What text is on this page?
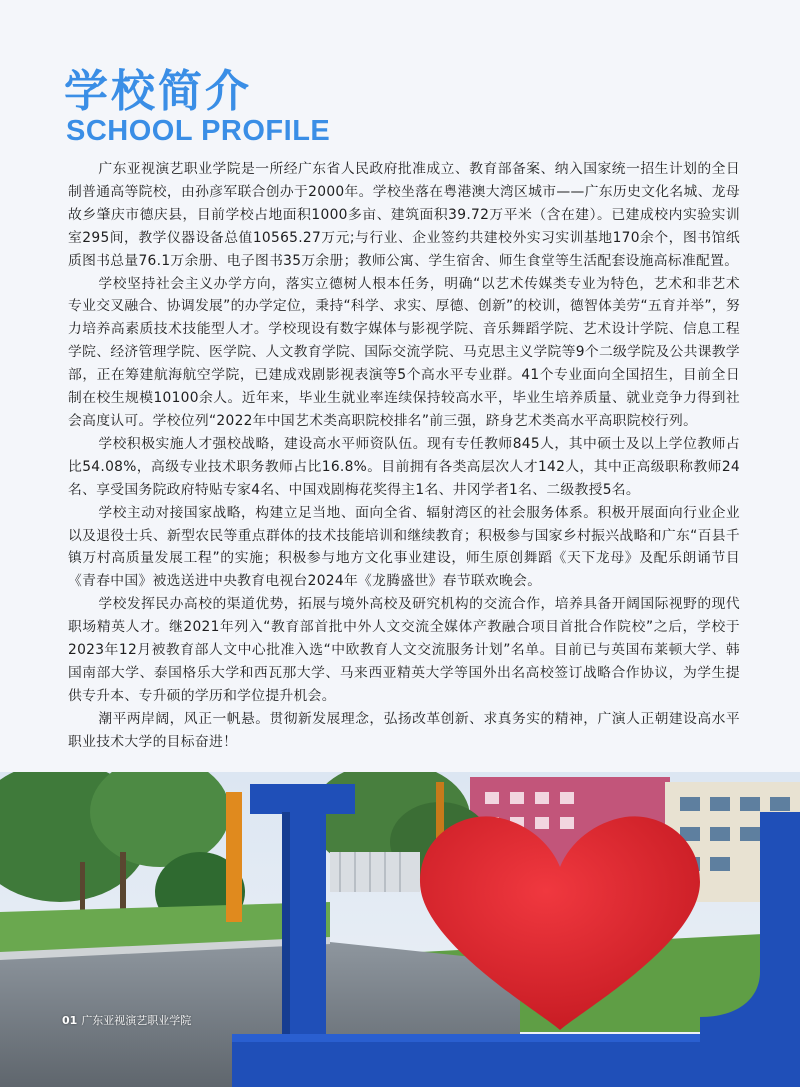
学校简介
SCHOOL PROFILE

广东亚视演艺职业学院是一所经广东省人民政府批准成立、教育部备案、纳入国家统一招生计划的全日制普通高等院校，由孙彦军联合创办于2000年。学校坐落在粤港澳大湾区城市——广东历史文化名城、龙母故乡肇庆市德庆县，目前学校占地面积1000多亩、建筑面积39.72万平米（含在建）。已建成校内实验实训室295间，教学仪器设备总值10565.27万元;与行业、企业签约共建校外实习实训基地170余个，图书馆纸质图书总量76.1万余册、电子图书35万余册；教师公寓、学生宿舍、师生食堂等生活配套设施高标准配置。

学校坚持社会主义办学方向，落实立德树人根本任务，明确“以艺术传媒类专业为特色，艺术和非艺术专业交叉融合、协调发展”的办学定位，秉持“科学、求实、厚德、创新”的校训，德智体美劳“五育并举”，努力培养高素质技术技能型人才。学校现设有数字媒体与影视学院、音乐舞蹈学院、艺术设计学院、信息工程学院、经济管理学院、医学院、人文教育学院、国际交流学院、马克思主义学院等9个二级学院及公共课教学部，正在筹建航海航空学院，已建成戏剧影视表演等5个高水平专业群。41个专业面向全国招生，目前全日制在校生规模10100余人。近年来，毕业生就业率连续保持较高水平，毕业生培养质量、就业竞争力得到社会高度认可。学校位列“2022年中国艺术类高职院校排名”前三强，跻身艺术类高水平高职院校行列。

学校积极实施人才强校战略，建设高水平师资队伍。现有专任教师845人，其中硕士及以上学位教师占比54.08%，高级专业技术职务教师占比16.8%。目前拥有各类高层次人才142人，其中正高级职称教师24名、享受国务院政府特贴专家4名、中国戏剧梅花奖得主1名、井冈学者1名、二级教授5名。

学校主动对接国家战略，构建立足当地、面向全省、辐射湾区的社会服务体系。积极开展面向行业企业以及退役士兵、新型农民等重点群体的技术技能培训和继续教育；积极参与国家乡村振兴战略和广东“百县千镇万村高质量发展工程”的实施；积极参与地方文化事业建设，师生原创舞蹈《天下龙母》及配乐朗诵节目《青春中国》被选送进中央教育电视台2024年《龙腾盛世》春节联欢晚会。

学校发挥民办高校的渠道优势，拓展与境外高校及研究机构的交流合作，培养具备开阔国际视野的现代职场精英人才。继2021年列入“教育部首批中外人文交流全媒体产教融合项目首批合作院校”之后，学校于2023年12月被教育部人文中心批准入选“中欧教育人文交流服务计划”名单。目前已与英国布莱顿大学、韩国南部大学、泰国格乐大学和西瓦那大学、马来西亚精英大学等国外出名高校签订战略合作协议，为学生提供专升本、专升硕的学历和学位提升机会。

潮平两岸阔，风正一帆悬。贯彻新发展理念，弘扬改革创新、求真务实的精神，广演人正朝建设高水平职业技术大学的目标奋进！

01 广东亚视演艺职业学院
